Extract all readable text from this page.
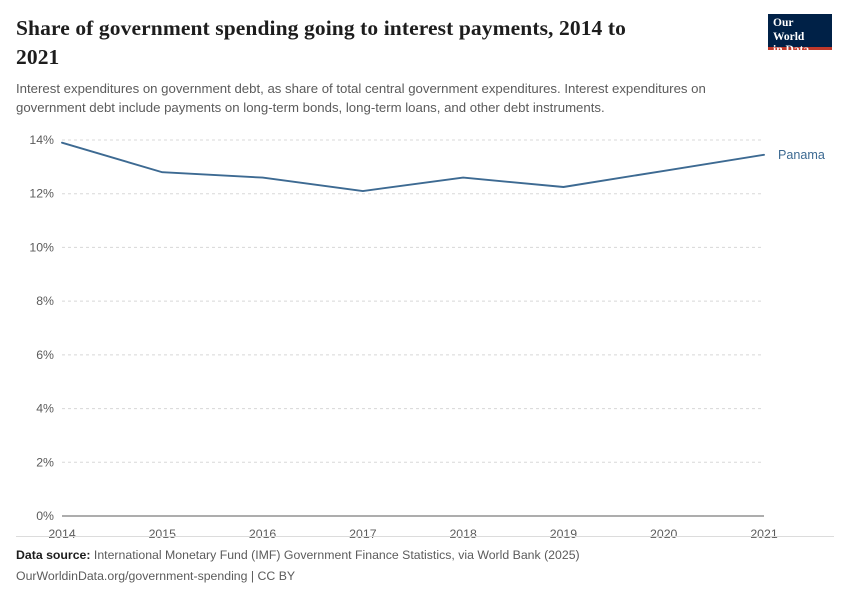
Share of government spending going to interest payments, 2014 to 2021

Interest expenditures on government debt, as share of total central government expenditures. Interest expenditures on government debt include payments on long-term bonds, long-term loans, and other debt instruments.

Our World
in Data
0%
2%
4%
6%
8%
10%
12%
14%
2014	2015	2016	2017	2018	2019	2020	2021
Panama
Data source: International Monetary Fund (IMF) Government Finance Statistics, via World Bank (2025)
OurWorldinData.org/government-spending | CC BY
